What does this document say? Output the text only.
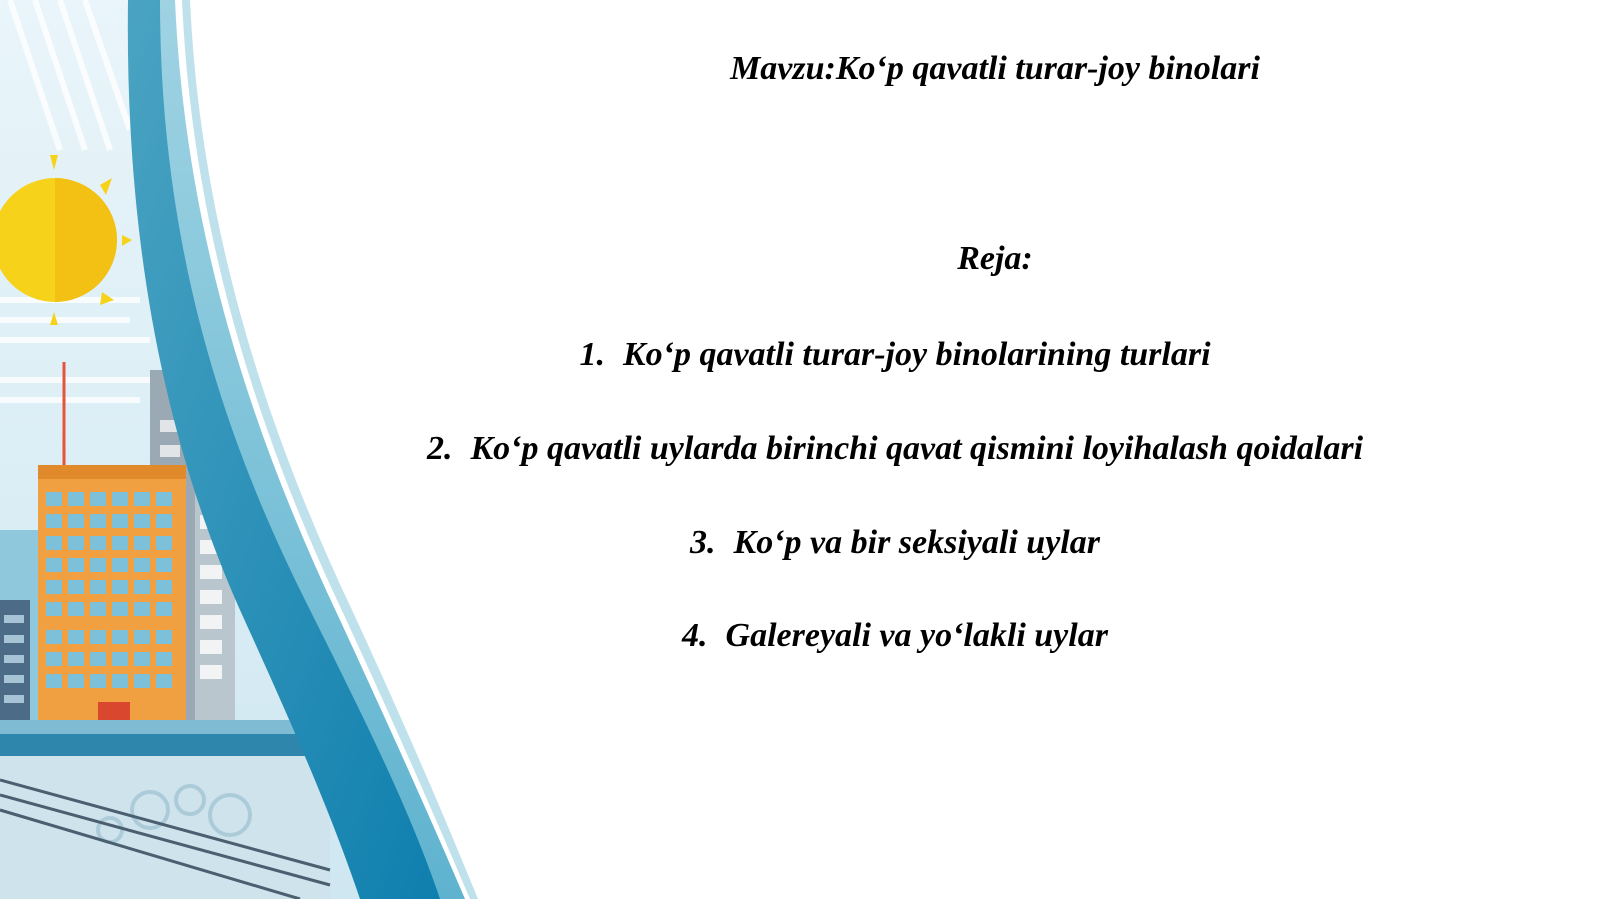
Mavzu:Ko‘p qavatli turar-joy binolari
Reja:
1. Ko‘p qavatli turar-joy binolarining turlari
2. Ko‘p qavatli uylarda birinchi qavat qismini loyihalash qoidalari
3. Ko‘p va bir seksiyali uylar
4. Galereyali va yo‘lakli uylar
